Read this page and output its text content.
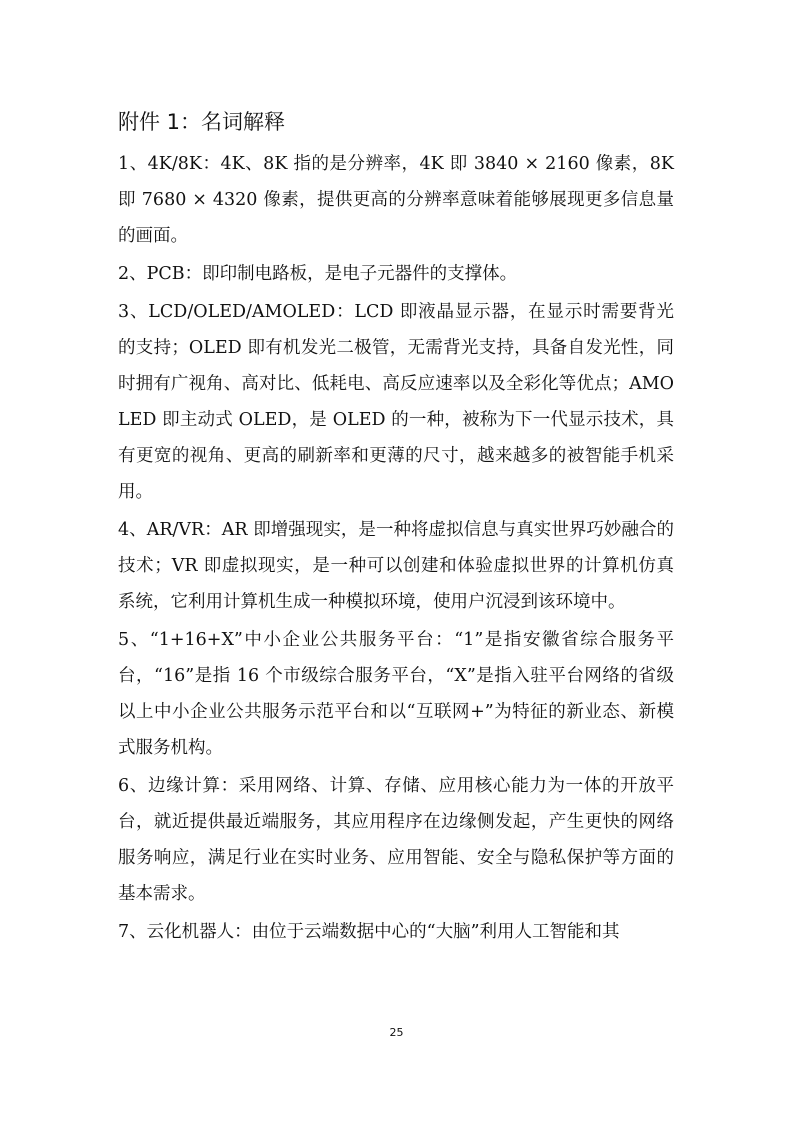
附件 1：名词解释

1、4K/8K：4K、8K 指的是分辨率，4K 即 3840 × 2160 像素，8K 即 7680 × 4320 像素，提供更高的分辨率意味着能够展现更多信息量的画面。

2、PCB：即印制电路板，是电子元器件的支撑体。

3、LCD/OLED/AMOLED：LCD 即液晶显示器，在显示时需要背光的支持；OLED 即有机发光二极管，无需背光支持，具备自发光性，同时拥有广视角、高对比、低耗电、高反应速率以及全彩化等优点；AMOLED 即主动式 OLED，是 OLED 的一种，被称为下一代显示技术，具有更宽的视角、更高的刷新率和更薄的尺寸，越来越多的被智能手机采用。

4、AR/VR：AR 即增强现实，是一种将虚拟信息与真实世界巧妙融合的技术；VR 即虚拟现实，是一种可以创建和体验虚拟世界的计算机仿真系统，它利用计算机生成一种模拟环境，使用户沉浸到该环境中。

5、“1+16+X”中小企业公共服务平台：“1”是指安徽省综合服务平台，“16”是指 16 个市级综合服务平台，“X”是指入驻平台网络的省级以上中小企业公共服务示范平台和以“互联网+”为特征的新业态、新模式服务机构。

6、边缘计算：采用网络、计算、存储、应用核心能力为一体的开放平台，就近提供最近端服务，其应用程序在边缘侧发起，产生更快的网络服务响应，满足行业在实时业务、应用智能、安全与隐私保护等方面的基本需求。

7、云化机器人：由位于云端数据中心的“大脑”利用人工智能和其

25
